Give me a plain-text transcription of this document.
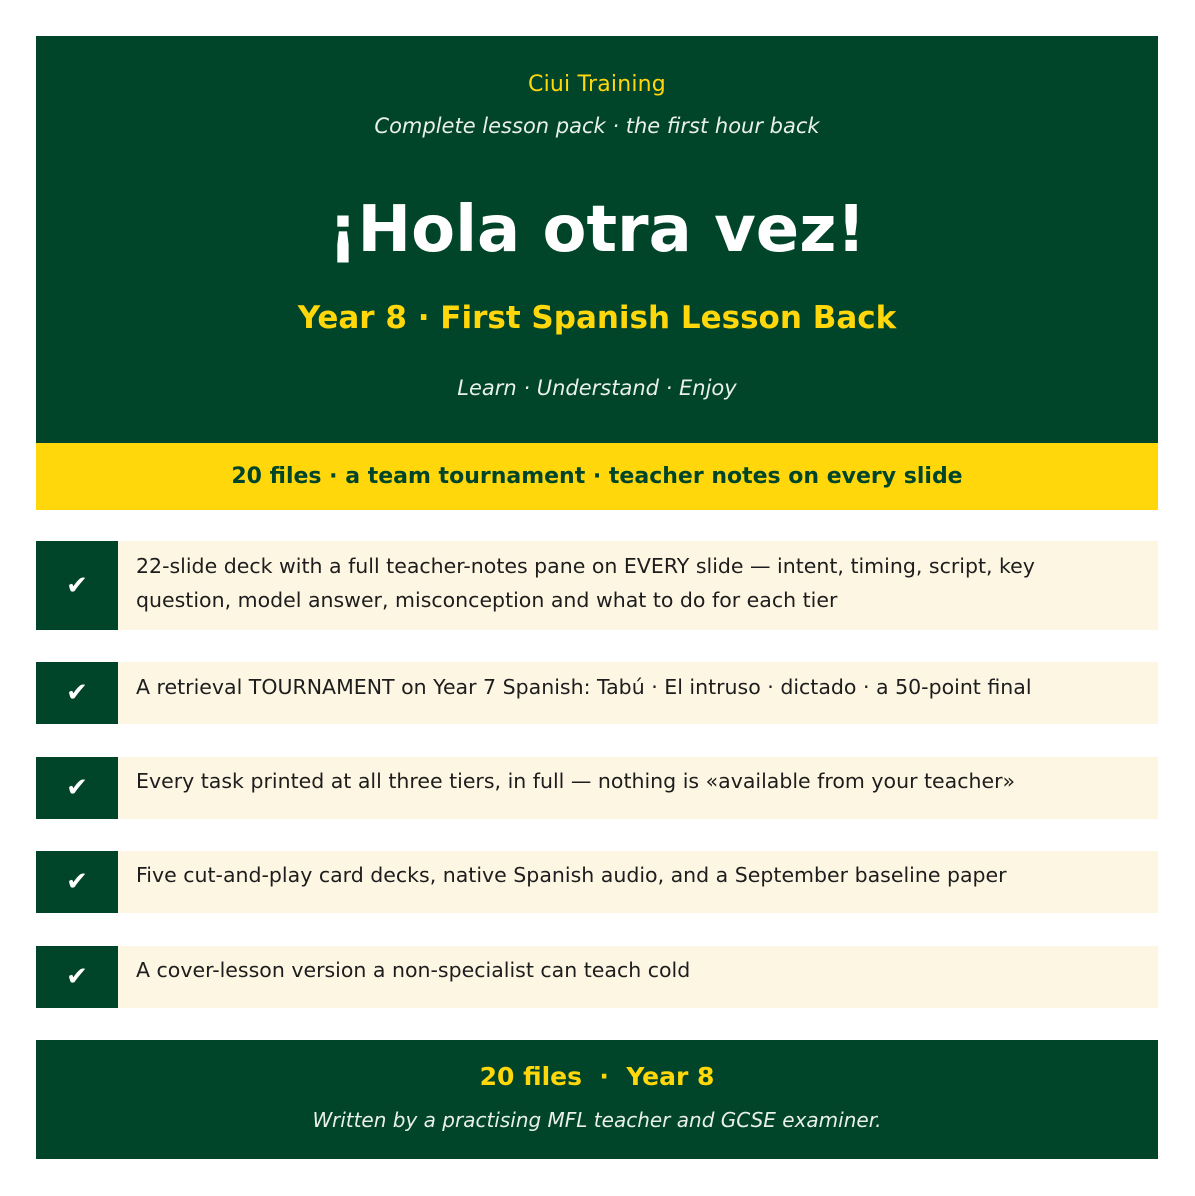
Ciui Training
Complete lesson pack · the first hour back
¡Hola otra vez!
Year 8 · First Spanish Lesson Back
Learn · Understand · Enjoy
20 files · a team tournament · teacher notes on every slide
✔
22-slide deck with a full teacher-notes pane on EVERY slide — intent, timing, script, key question, model answer, misconception and what to do for each tier
✔	A retrieval TOURNAMENT on Year 7 Spanish: Tabú · El intruso · dictado · a 50-point final
✔	Every task printed at all three tiers, in full — nothing is «available from your teacher»
✔	Five cut-and-play card decks, native Spanish audio, and a September baseline paper
✔	A cover-lesson version a non-specialist can teach cold
20 files  ·  Year 8
Written by a practising MFL teacher and GCSE examiner.
